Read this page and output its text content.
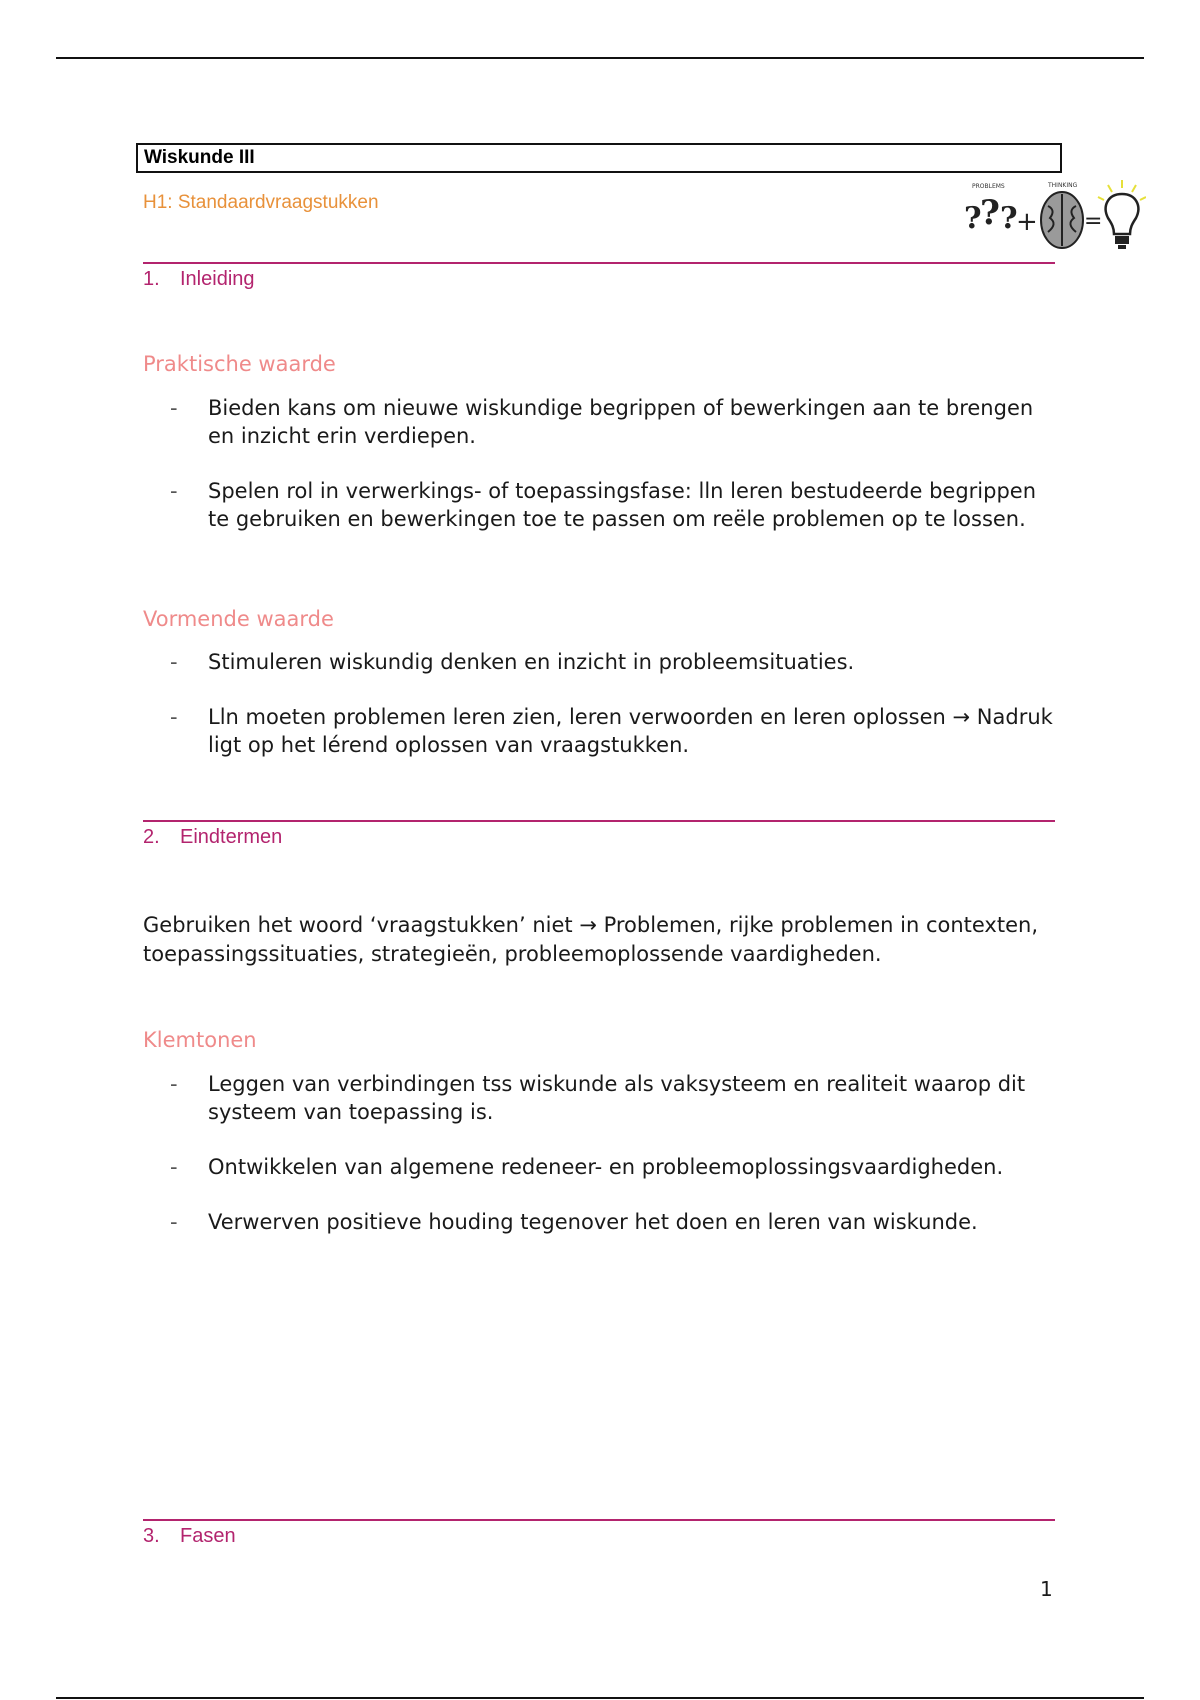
Wiskunde III
H1: Standaardvraagstukken	?
? ?
PROBLEMS
+
THINKING
=
1. Inleiding
Praktische waarde
- Bieden kans om nieuwe wiskundige begrippen of bewerkingen aan te brengen en inzicht erin verdiepen.
- Spelen rol in verwerkings- of toepassingsfase: lln leren bestudeerde begrippen te gebruiken en bewerkingen toe te passen om reële problemen op te lossen.
Vormende waarde
- Stimuleren wiskundig denken en inzicht in probleemsituaties.
- Lln moeten problemen leren zien, leren verwoorden en leren oplossen → Nadruk ligt op het lérend oplossen van vraagstukken.
2. Eindtermen
Gebruiken het woord ‘vraagstukken’ niet → Problemen, rijke problemen in contexten, toepassingssituaties, strategieën, probleemoplossende vaardigheden.
Klemtonen
- Leggen van verbindingen tss wiskunde als vaksysteem en realiteit waarop dit systeem van toepassing is.
- Ontwikkelen van algemene redeneer- en probleemoplossingsvaardigheden.
- Verwerven positieve houding tegenover het doen en leren van wiskunde.
3. Fasen
1
